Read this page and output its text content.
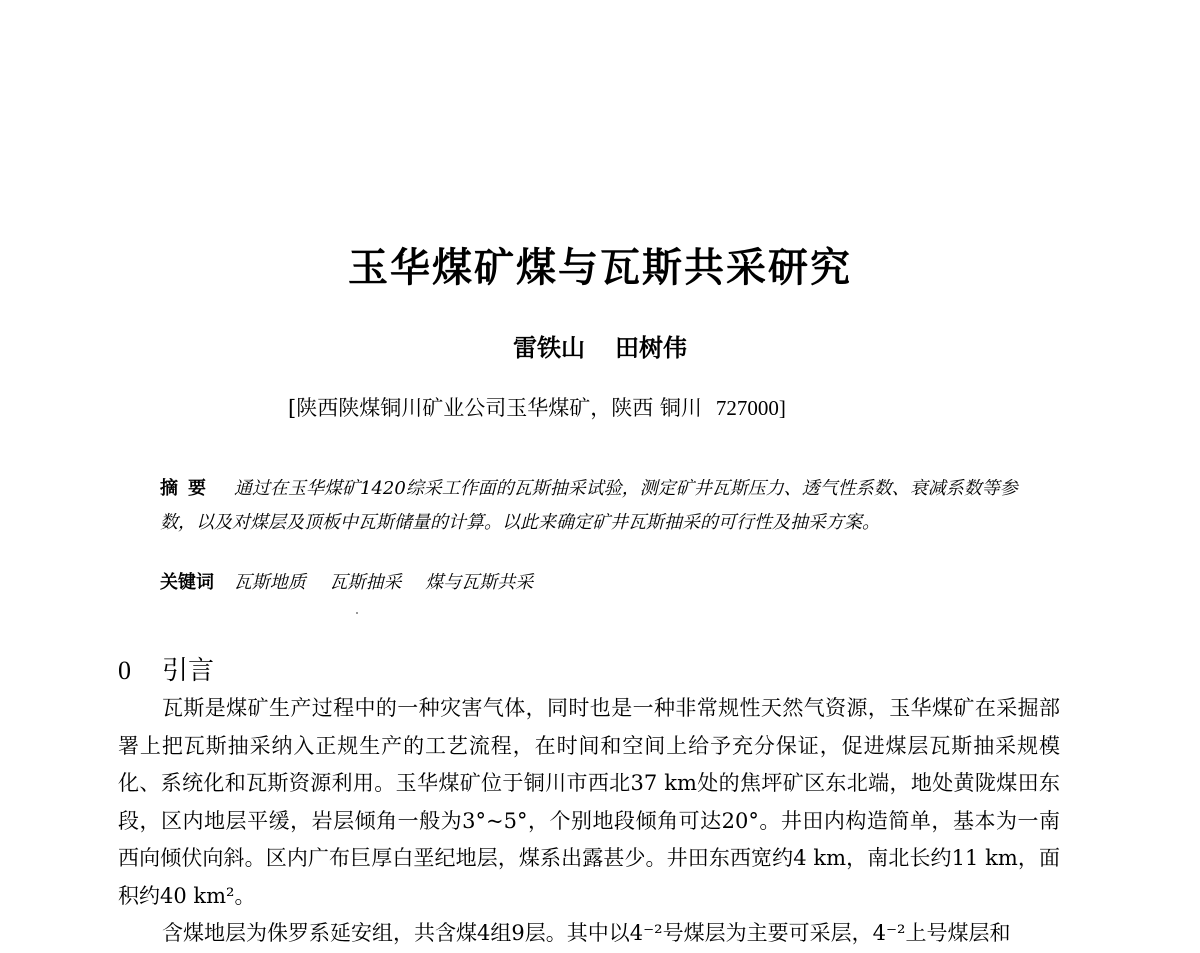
玉华煤矿煤与瓦斯共采研究
雷铁山 田树伟
[陕西陕煤铜川矿业公司玉华煤矿，陕西 铜川 727000]
摘要 通过在玉华煤矿1420综采工作面的瓦斯抽采试验，测定矿井瓦斯压力、透气性系数、衰减系数等参数，以及对煤层及顶板中瓦斯储量的计算。以此来确定矿井瓦斯抽采的可行性及抽采方案。
关键词 瓦斯地质 瓦斯抽采 煤与瓦斯共采
0 引言

瓦斯是煤矿生产过程中的一种灾害气体，同时也是一种非常规性天然气资源，玉华煤矿在采掘部署上把瓦斯抽采纳入正规生产的工艺流程，在时间和空间上给予充分保证，促进煤层瓦斯抽采规模化、系统化和瓦斯资源利用。玉华煤矿位于铜川市西北37 km处的焦坪矿区东北端，地处黄陇煤田东段，区内地层平缓，岩层倾角一般为3°~5°，个别地段倾角可达20°。井田内构造简单，基本为一南西向倾伏向斜。区内广布巨厚白垩纪地层，煤系出露甚少。井田东西宽约4 km，南北长约11 km，面积约40 km²。

含煤地层为侏罗系延安组，共含煤4组9层。其中以4⁻²号煤层为主要可采层，4⁻²上号煤层和
